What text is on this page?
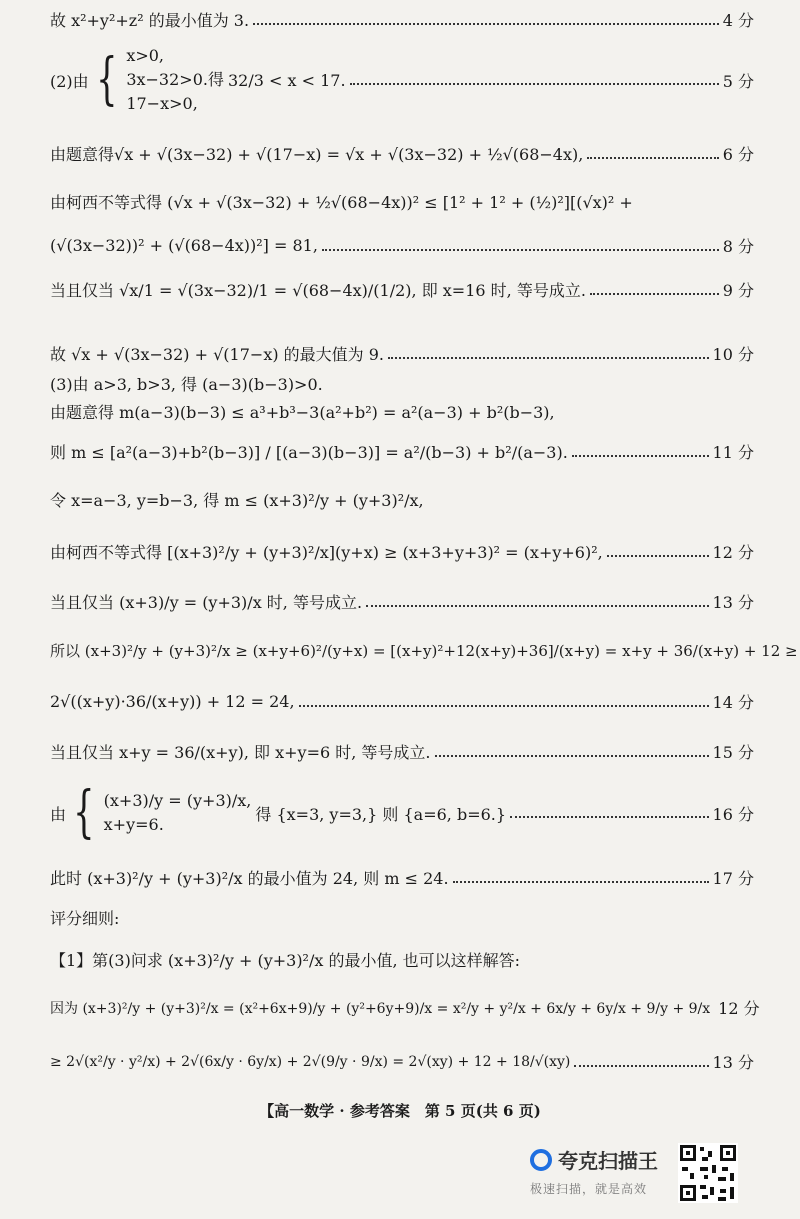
故 x²+y²+z² 的最小值为 3.	4 分
(2)由 { x>0,
3x−32>0.得
17−x>0,
32/3 < x < 17.	5 分
由题意得√x + √(3x−32) + √(17−x) = √x + √(3x−32) + ½√(68−4x),	6 分
由柯西不等式得 (√x + √(3x−32) + ½√(68−4x))² ≤ [1² + 1² + (½)²][(√x)² +
(√(3x−32))² + (√(68−4x))²] = 81,	8 分
当且仅当 √x/1 = √(3x−32)/1 = √(68−4x)/(1/2), 即 x=16 时, 等号成立.	9 分
故 √x + √(3x−32) + √(17−x) 的最大值为 9.	10 分
(3)由 a>3, b>3, 得 (a−3)(b−3)>0.
由题意得 m(a−3)(b−3) ≤ a³+b³−3(a²+b²) = a²(a−3) + b²(b−3),
则 m ≤ [a²(a−3)+b²(b−3)] / [(a−3)(b−3)] = a²/(b−3) + b²/(a−3).	11 分
令 x=a−3, y=b−3, 得 m ≤ (x+3)²/y + (y+3)²/x,
由柯西不等式得 [(x+3)²/y + (y+3)²/x](y+x) ≥ (x+3+y+3)² = (x+y+6)²,	12 分
当且仅当 (x+3)/y = (y+3)/x 时, 等号成立.	13 分
所以 (x+3)²/y + (y+3)²/x ≥ (x+y+6)²/(y+x) = [(x+y)²+12(x+y)+36]/(x+y) = x+y + 36/(x+y) + 12 ≥
2√((x+y)·36/(x+y)) + 12 = 24,	14 分
当且仅当 x+y = 36/(x+y), 即 x+y=6 时, 等号成立.	15 分
由 { (x+3)/y = (y+3)/x,
x+y=6.
得 {x=3, y=3,} 则 {a=6, b=6.}	16 分
此时 (x+3)²/y + (y+3)²/x 的最小值为 24, 则 m ≤ 24.	17 分
评分细则:
【1】第(3)问求 (x+3)²/y + (y+3)²/x 的最小值, 也可以这样解答:
因为 (x+3)²/y + (y+3)²/x = (x²+6x+9)/y + (y²+6y+9)/x = x²/y + y²/x + 6x/y + 6y/x + 9/y + 9/x 12 分
≥ 2√(x²/y · y²/x) + 2√(6x/y · 6y/x) + 2√(9/y · 9/x) = 2√(xy) + 12 + 18/√(xy)	13 分
【高一数学 · 参考答案　第 5 页(共 6 页)
夸克扫描王
极速扫描，就是高效
